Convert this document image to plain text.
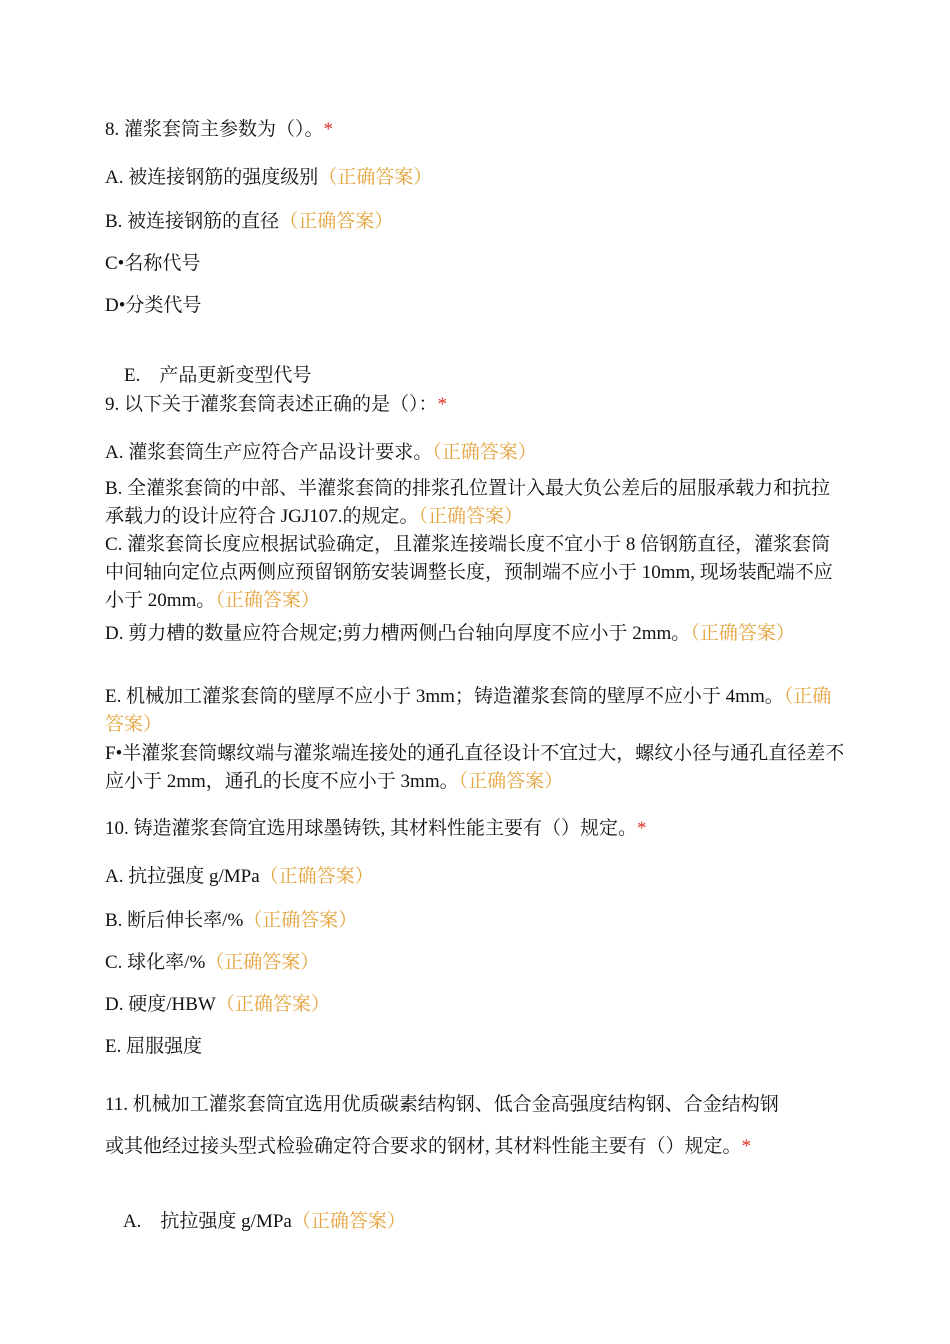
8. 灌浆套筒主参数为（）。*
A. 被连接钢筋的强度级别（正确答案）
B. 被连接钢筋的直径（正确答案）
C•名称代号
D•分类代号

E.    产品更新变型代号

9. 以下关于灌浆套筒表述正确的是（）：*
A. 灌浆套筒生产应符合产品设计要求。（正确答案）
B. 全灌浆套筒的中部、半灌浆套筒的排浆孔位置计入最大负公差后的屈服承载力和抗拉承载力的设计应符合 JGJ107.的规定。（正确答案）
C. 灌浆套筒长度应根据试验确定，且灌浆连接端长度不宜小于 8 倍钢筋直径，灌浆套筒中间轴向定位点两侧应预留钢筋安装调整长度，预制端不应小于 10mm, 现场装配端不应小于 20mm。（正确答案）
D. 剪力槽的数量应符合规定;剪力槽两侧凸台轴向厚度不应小于 2mm。（正确答案）
E. 机械加工灌浆套筒的壁厚不应小于 3mm；铸造灌浆套筒的壁厚不应小于 4mm。（正确答案）
F•半灌浆套筒螺纹端与灌浆端连接处的通孔直径设计不宜过大，螺纹小径与通孔直径差不应小于 2mm，通孔的长度不应小于 3mm。（正确答案）
10. 铸造灌浆套筒宜选用球墨铸铁, 其材料性能主要有（）规定。*
A. 抗拉强度 g/MPa（正确答案）
B. 断后伸长率/%（正确答案）
C. 球化率/%（正确答案）
D. 硬度/HBW（正确答案）
E. 屈服强度
11. 机械加工灌浆套筒宜选用优质碳素结构钢、低合金高强度结构钢、合金结构钢
或其他经过接头型式检验确定符合要求的钢材, 其材料性能主要有（）规定。*

A.    抗拉强度 g/MPa（正确答案）
